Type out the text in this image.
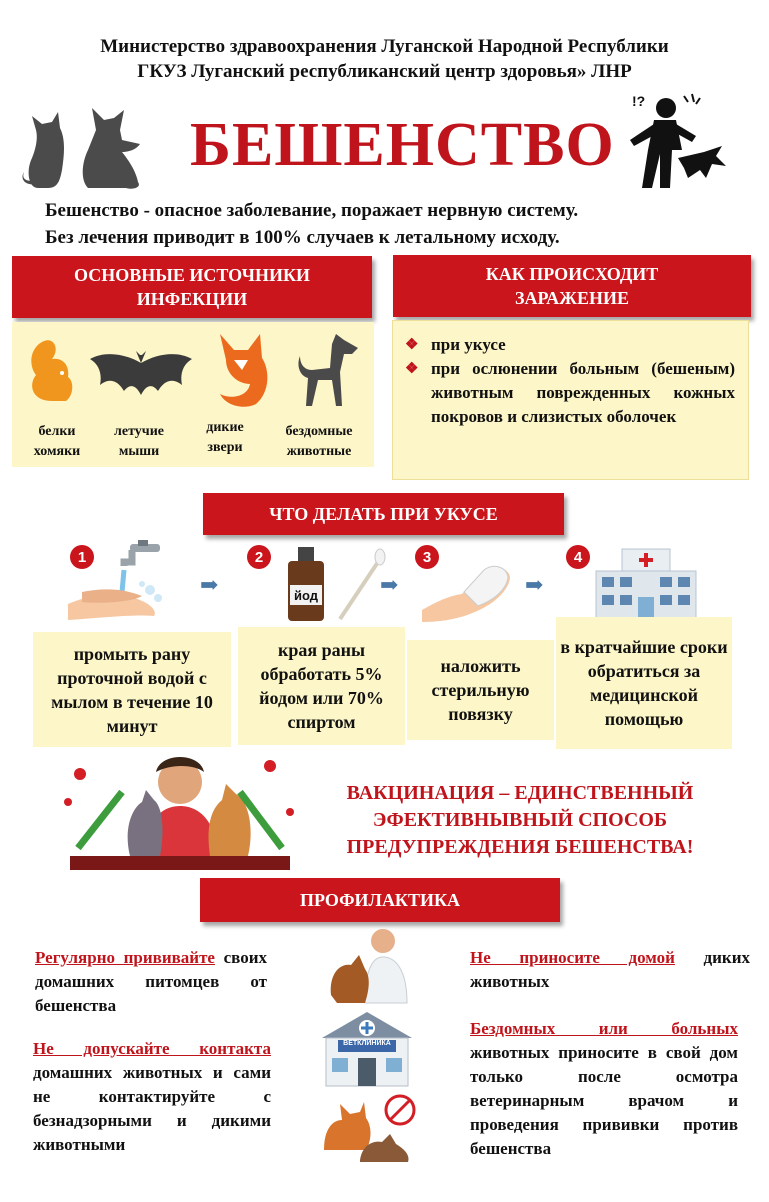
Министерство здравоохранения Луганской Народной Республики
ГКУЗ Луганский республиканский центр здоровья» ЛНР
БЕШЕНСТВО
!?
Бешенство - опасное заболевание, поражает нервную систему.
Без лечения приводит в 100% случаев к летальному исходу.
ОСНОВНЫЕ ИСТОЧНИКИ
ИНФЕКЦИИ
белки
хомяки
летучие
мыши
дикие
звери
бездомные
животные
КАК ПРОИСХОДИТ
ЗАРАЖЕНИЕ
❖ при укусе
❖ при ослюнении больным (бешеным) животным поврежденных кожных покровов и слизистых оболочек
ЧТО ДЕЛАТЬ ПРИ УКУСЕ
1
➡
2
йод	➡
3
➡
4
промыть рану проточной водой с мылом в течение 10 минут
края раны обработать 5% йодом или 70% спиртом
наложить стерильную повязку
в кратчайшие сроки обратиться за медицинской помощью
ВАКЦИНАЦИЯ – ЕДИНСТВЕННЫЙ
ЭФЕКТИВНЫВНЫЙ СПОСОБ
ПРЕДУПРЕЖДЕНИЯ БЕШЕНСТВА!
ПРОФИЛАКТИКА
Регулярно прививайте своих домашних питомцев от бешенства
Не допускайте контакта домашних животных и сами не контактируйте с безнадзорными и дикими животными
ВЕТКЛИНИКА
Не приносите домой диких животных
Бездомных или больных животных приносите в свой дом только после осмотра ветеринарным врачом и проведения прививки против бешенства
